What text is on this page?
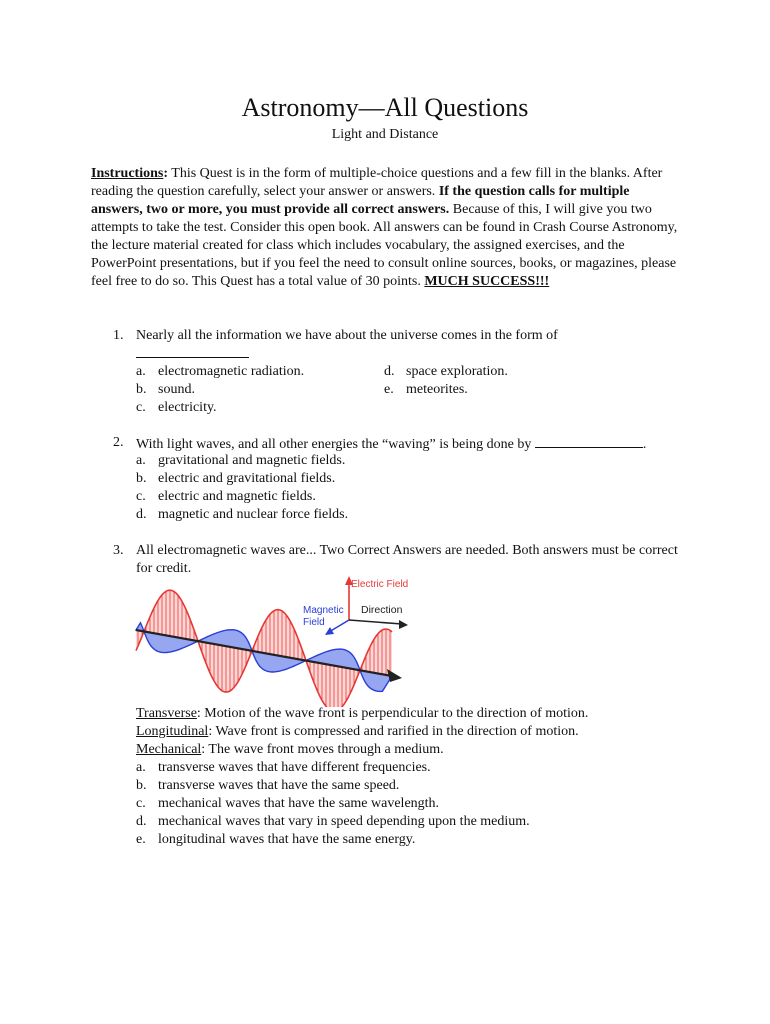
Astronomy—All Questions
Light and Distance
Instructions: This Quest is in the form of multiple-choice questions and a few fill in the blanks. After reading the question carefully, select your answer or answers. If the question calls for multiple answers, two or more, you must provide all correct answers. Because of this, I will give you two attempts to take the test. Consider this open book. All answers can be found in Crash Course Astronomy, the lecture material created for class which includes vocabulary, the assigned exercises, and the PowerPoint presentations, but if you feel the need to consult online sources, books, or magazines, please feel free to do so. This Quest has a total value of 30 points. MUCH SUCCESS!!!
1. Nearly all the information we have about the universe comes in the form of
a. electromagnetic radiation.
b. sound.
c. electricity.
d. space exploration.
e. meteorites.
2. With light waves, and all other energies the “waving” is being done by	.
a. gravitational and magnetic fields.
b. electric and gravitational fields.
c. electric and magnetic fields.
d. magnetic and nuclear force fields.
3. All electromagnetic waves are... Two Correct Answers are needed. Both answers must be correct for credit.
Electric Field
Magnetic
Field
Direction
Transverse: Motion of the wave front is perpendicular to the direction of motion.
Longitudinal: Wave front is compressed and rarified in the direction of motion.
Mechanical: The wave front moves through a medium.
a. transverse waves that have different frequencies.
b. transverse waves that have the same speed.
c. mechanical waves that have the same wavelength.
d. mechanical waves that vary in speed depending upon the medium.
e. longitudinal waves that have the same energy.
